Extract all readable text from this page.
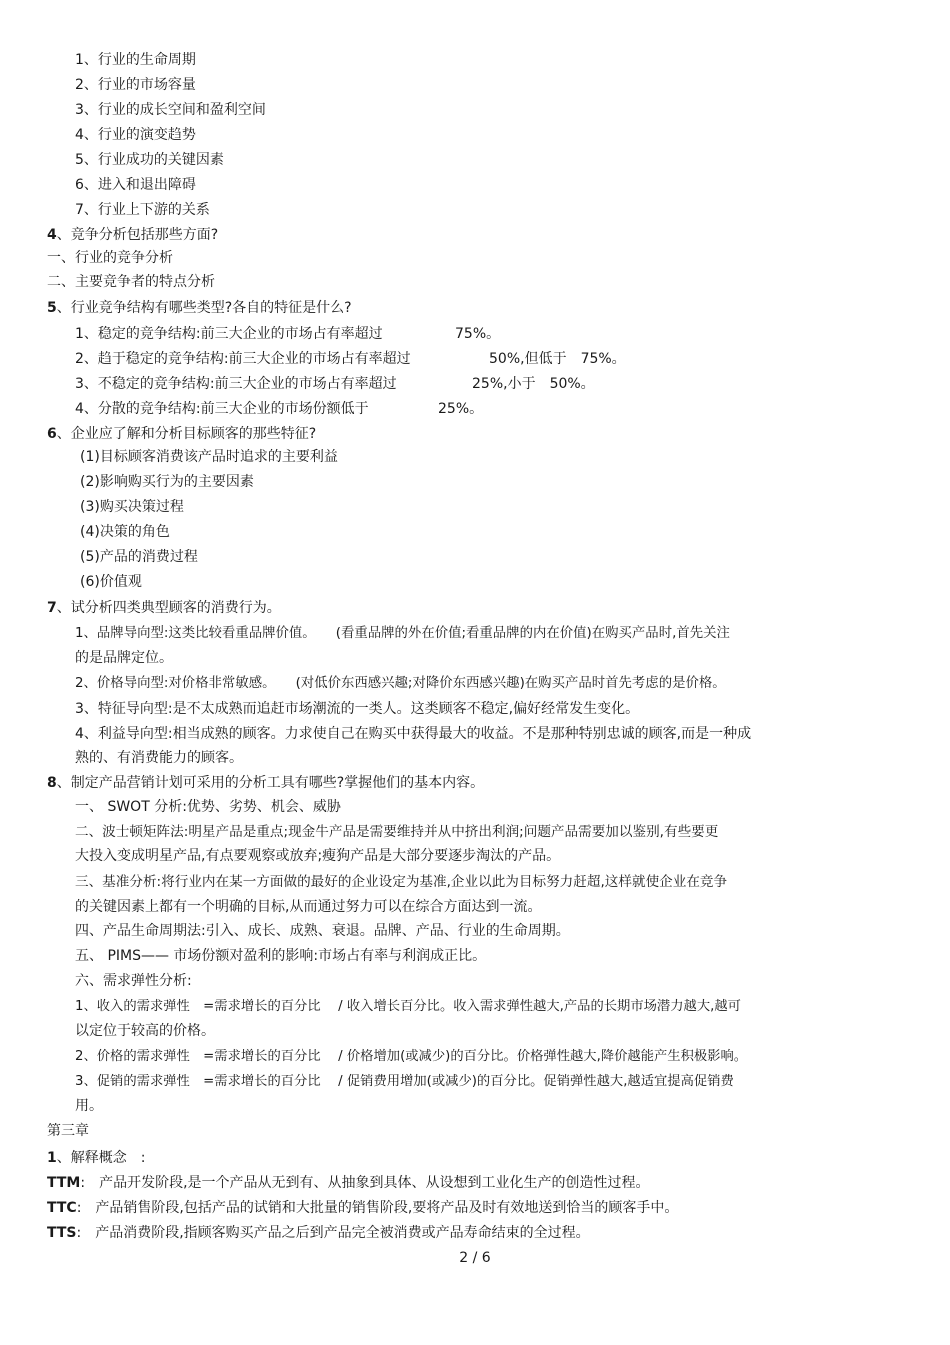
1、行业的生命周期
2、行业的市场容量
3、行业的成长空间和盈利空间
4、行业的演变趋势
5、行业成功的关键因素
6、进入和退出障碍
7、行业上下游的关系
4、竞争分析包括那些方面?
一、行业的竞争分析
二、主要竞争者的特点分析
5、行业竞争结构有哪些类型?各自的特征是什么?
1、稳定的竞争结构:前三大企业的市场占有率超过	75%。
2、趋于稳定的竞争结构:前三大企业的市场占有率超过	50%,但低于　75%。
3、不稳定的竞争结构:前三大企业的市场占有率超过	25%,小于　50%。
4、分散的竞争结构:前三大企业的市场份额低于	25%。
6、企业应了解和分析目标顾客的那些特征?
(1)目标顾客消费该产品时追求的主要利益
(2)影响购买行为的主要因素
(3)购买决策过程
(4)决策的角色
(5)产品的消费过程
(6)价值观
7、试分析四类典型顾客的消费行为。
1、品牌导向型:这类比较看重品牌价值。　　(看重品牌的外在价值;看重品牌的内在价值)在购买产品时,首先关注
的是品牌定位。
2、价格导向型:对价格非常敏感。　　(对低价东西感兴趣;对降价东西感兴趣)在购买产品时首先考虑的是价格。
3、特征导向型:是不太成熟而追赶市场潮流的一类人。这类顾客不稳定,偏好经常发生变化。
4、利益导向型:相当成熟的顾客。力求使自己在购买中获得最大的收益。不是那种特别忠诚的顾客,而是一种成
熟的、有消费能力的顾客。
8、制定产品营销计划可采用的分析工具有哪些?掌握他们的基本内容。
一、 SWOT 分析:优势、劣势、机会、威胁
二、波士顿矩阵法:明星产品是重点;现金牛产品是需要维持并从中挤出利润;问题产品需要加以鉴别,有些要更
大投入变成明星产品,有点要观察或放弃;瘦狗产品是大部分要逐步淘汰的产品。
三、基准分析:将行业内在某一方面做的最好的企业设定为基准,企业以此为目标努力赶超,这样就使企业在竞争
的关键因素上都有一个明确的目标,从而通过努力可以在综合方面达到一流。
四、产品生命周期法:引入、成长、成熟、衰退。品牌、产品、行业的生命周期。
五、 PIMS—— 市场份额对盈利的影响:市场占有率与利润成正比。
六、需求弹性分析:
1、收入的需求弹性　=需求增长的百分比　 / 收入增长百分比。收入需求弹性越大,产品的长期市场潜力越大,越可
以定位于较高的价格。
2、价格的需求弹性　=需求增长的百分比　 / 价格增加(或减少)的百分比。价格弹性越大,降价越能产生积极影响。
3、促销的需求弹性　=需求增长的百分比　 / 促销费用增加(或减少)的百分比。促销弹性越大,越适宜提高促销费
用。
第三章
1、解释概念　:
TTM:　产品开发阶段,是一个产品从无到有、从抽象到具体、从设想到工业化生产的创造性过程。
TTC:　产品销售阶段,包括产品的试销和大批量的销售阶段,要将产品及时有效地送到恰当的顾客手中。
TTS:　产品消费阶段,指顾客购买产品之后到产品完全被消费或产品寿命结束的全过程。
2 / 6
